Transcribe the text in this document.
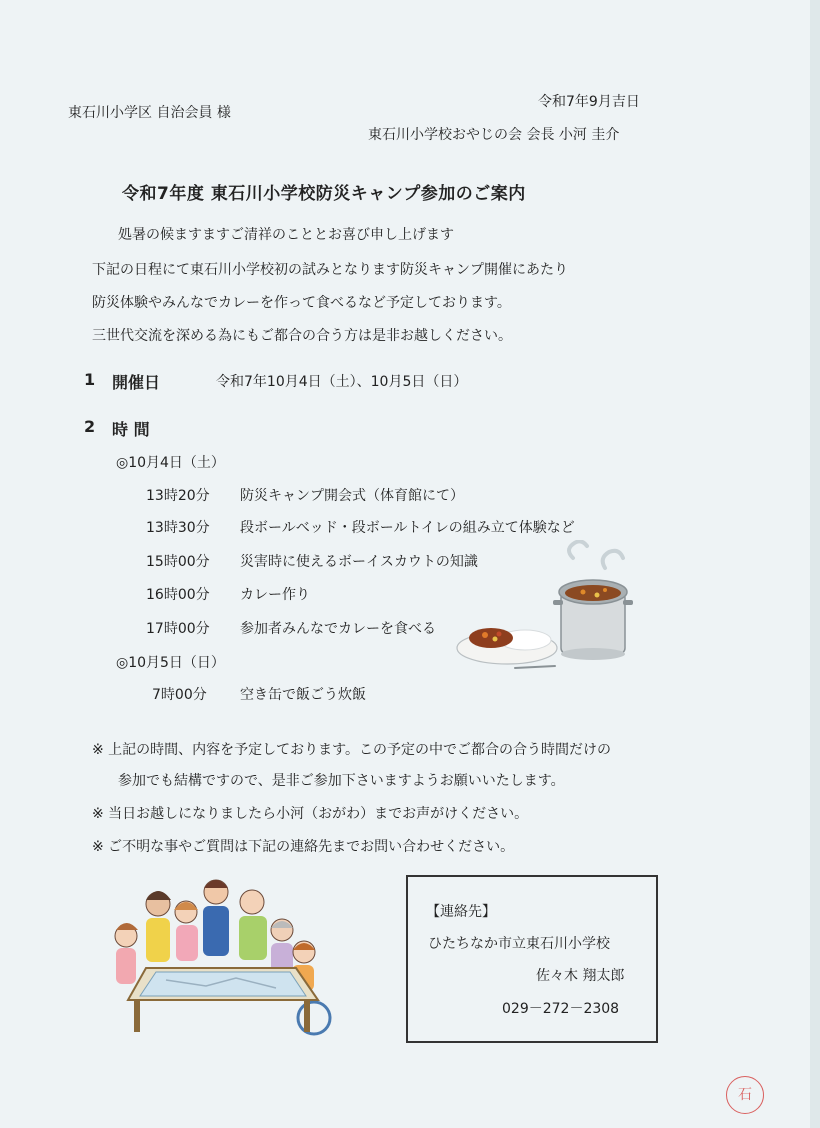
東石川小学区 自治会員 様
令和7年9月吉日
東石川小学校おやじの会 会長 小河 圭介
令和7年度 東石川小学校防災キャンプ参加のご案内
処暑の候ますますご清祥のこととお喜び申し上げます
下記の日程にて東石川小学校初の試みとなります防災キャンプ開催にあたり
防災体験やみんなでカレーを作って食べるなど予定しております。
三世代交流を深める為にもご都合の合う方は是非お越しください。
1 開催日	令和7年10月4日（土）、10月5日（日）
2 時 間
◎10月4日（土）
13時20分 防災キャンプ開会式（体育館にて）
13時30分 段ボールベッド・段ボールトイレの組み立て体験など
15時00分 災害時に使えるボーイスカウトの知識
16時00分 カレー作り
17時00分 参加者みんなでカレーを食べる
◎10月5日（日）
7時00分 空き缶で飯ごう炊飯
※ 上記の時間、内容を予定しております。この予定の中でご都合の合う時間だけの
参加でも結構ですので、是非ご参加下さいますようお願いいたします。
※ 当日お越しになりましたら小河（おがわ）までお声がけください。
※ ご不明な事やご質問は下記の連絡先までお問い合わせください。
【連絡先】
ひたちなか市立東石川小学校
佐々木 翔太郎
029－272－2308
石
